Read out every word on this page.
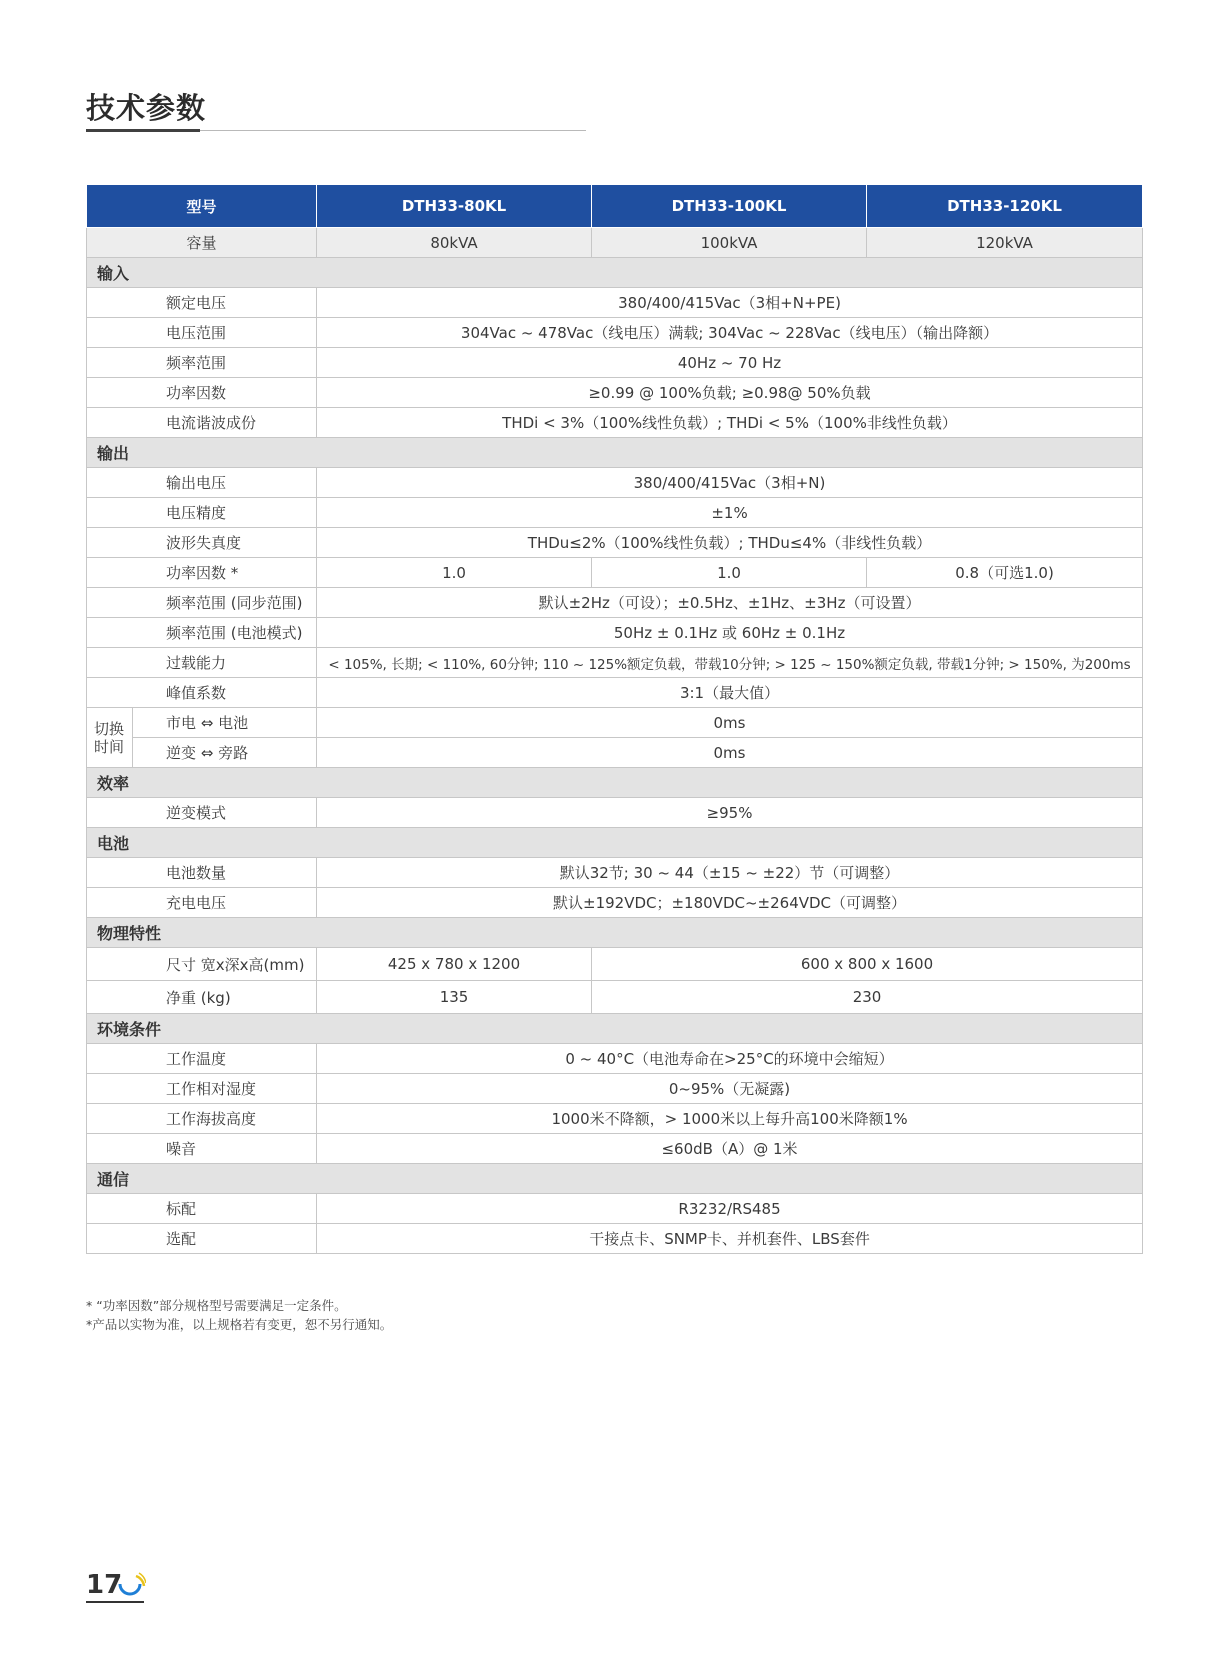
技术参数
型号		DTH33-80KL	DTH33-100KL	DTH33-120KL
容量		80kVA	100kVA	120kVA
输入				
额定电压		380/400/415Vac（3相+N+PE)		
电压范围		304Vac ~ 478Vac（线电压）满载; 304Vac ~ 228Vac（线电压）（输出降额）		
频率范围		40Hz ~ 70 Hz		
功率因数		≥0.99 @ 100%负载; ≥0.98@ 50%负载		
电流谐波成份		THDi < 3%（100%线性负载）; THDi < 5%（100%非线性负载）		
输出				
输出电压		380/400/415Vac（3相+N)		
电压精度		±1%		
波形失真度		THDu≤2%（100%线性负载）; THDu≤4%（非线性负载）		
功率因数 *		1.0	1.0	0.8（可选1.0)
频率范围 (同步范围)		默认±2Hz（可设）；±0.5Hz、±1Hz、±3Hz（可设置）		
频率范围 (电池模式)		50Hz ± 0.1Hz 或 60Hz ± 0.1Hz		
过载能力		< 105%, 长期; < 110%, 60分钟; 110 ~ 125%额定负载，带载10分钟; > 125 ~ 150%额定负载, 带载1分钟; > 150%, 为200ms		
峰值系数		3:1（最大值）		
切换
时间	市电 ⇔ 电池	0ms		
	逆变 ⇔ 旁路	0ms		
效率				
逆变模式		≥95%		
电池				
电池数量		默认32节; 30 ~ 44（±15 ~ ±22）节（可调整）		
充电电压		默认±192VDC；±180VDC~±264VDC（可调整）		
物理特性				
尺寸 宽x深x高(mm)		425 x 780 x 1200	600 x 800 x 1600	
净重 (kg)		135	230	
环境条件				
工作温度		0 ~ 40°C（电池寿命在>25°C的环境中会缩短）		
工作相对湿度		0~95%（无凝露)		
工作海拔高度		1000米不降额，> 1000米以上每升高100米降额1%		
噪音		≤60dB（A）@ 1米		
通信				
标配		R3232/RS485		
选配		干接点卡、SNMP卡、并机套件、LBS套件		
* “功率因数”部分规格型号需要满足一定条件。
*产品以实物为准，以上规格若有变更，恕不另行通知。
17
